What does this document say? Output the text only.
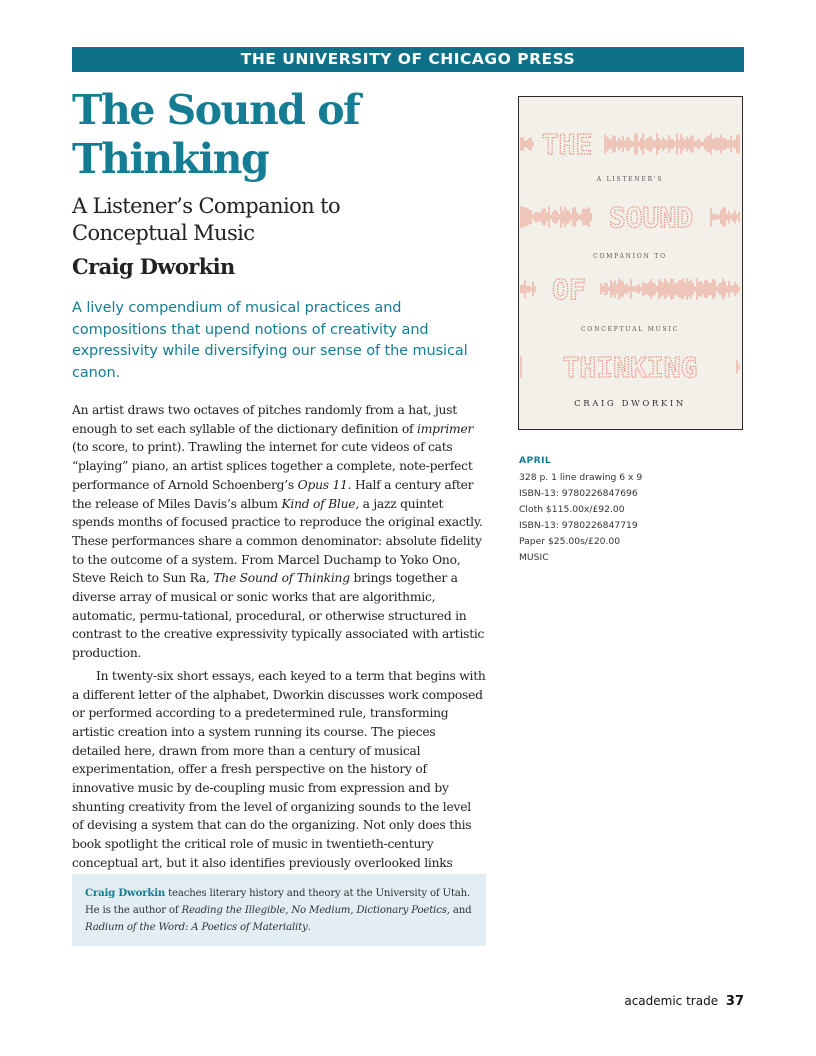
THE UNIVERSITY OF CHICAGO PRESS
The Sound of
Thinking
A Listener’s Companion to
Conceptual Music
Craig Dworkin

A lively compendium of musical practices and compositions that upend notions of creativity and expressivity while diversifying our sense of the musical canon.

An artist draws two octaves of pitches randomly from a hat, just enough to set each syllable of the dictionary definition of imprimer (to score, to print). Trawling the internet for cute videos of cats “playing” piano, an artist splices together a complete, note-perfect performance of Arnold Schoenberg’s Opus 11. Half a century after the release of Miles Davis’s album Kind of Blue, a jazz quintet spends months of focused practice to reproduce the original exactly. These performances share a common denominator: absolute fidelity to the outcome of a system. From Marcel Duchamp to Yoko Ono, Steve Reich to Sun Ra, The Sound of Thinking brings together a diverse array of musical or sonic works that are algorithmic, automatic, permu-tational, procedural, or otherwise structured in contrast to the creative expressivity typically associated with artistic production.

In twenty-six short essays, each keyed to a term that begins with a different letter of the alphabet, Dworkin discusses work composed or performed according to a predetermined rule, transforming artistic creation into a system running its course. The pieces detailed here, drawn from more than a century of musical experimentation, offer a fresh perspective on the history of innovative music by de-coupling music from expression and by shunting creativity from the level of organizing sounds to the level of devising a system that can do the organizing. Not only does this book spotlight the critical role of music in twentieth-century conceptual art, but it also identifies previously overlooked links

Craig Dworkin teaches literary history and theory at the University of Utah. He is the author of Reading the Illegible, No Medium, Dictionary Poetics, and Radium of the Word: A Poetics of Materiality.
THE
SOUND
OF
THINKING
A LISTENER’S
COMPANION TO
CONCEPTUAL MUSIC
CRAIG DWORKIN
APRIL
328 p. 1 line drawing 6 x 9
ISBN-13: 9780226847696
Cloth $115.00x/£92.00
ISBN-13: 9780226847719
Paper $25.00s/£20.00
MUSIC
academic trade 37
